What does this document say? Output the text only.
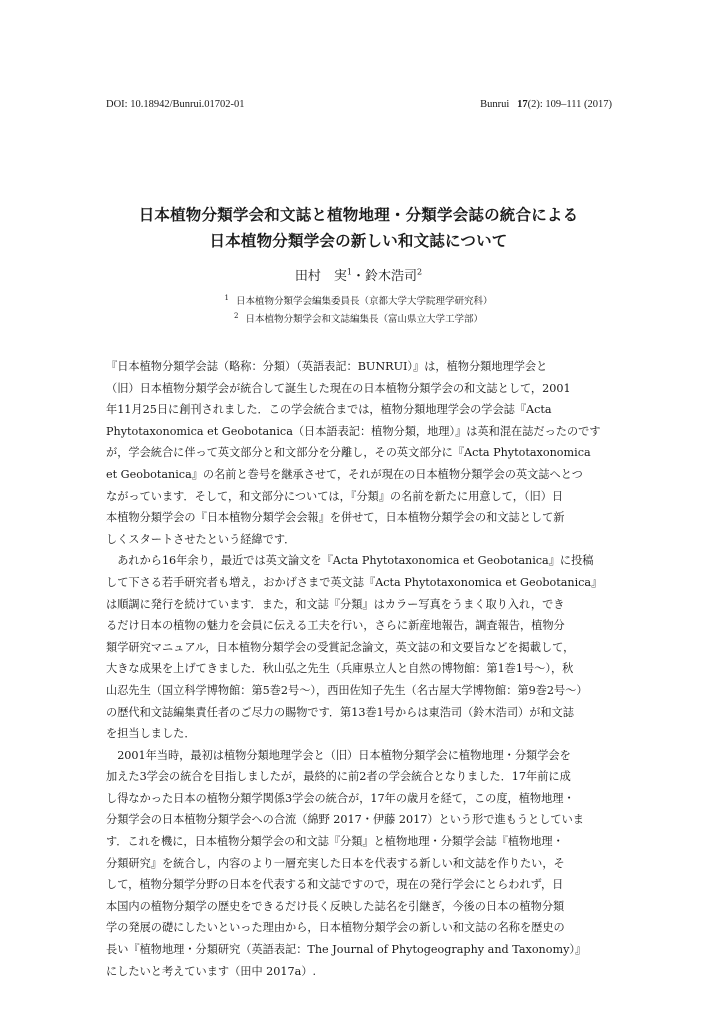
DOI: 10.18942/Bunrui.01702-01	Bunrui 17(2): 109–111 (2017)
日本植物分類学会和文誌と植物地理・分類学会誌の統合による
日本植物分類学会の新しい和文誌について
田村　実$^1$・鈴木浩司$^2$
$^1$ 日本植物分類学会編集委員長（京都大学大学院理学研究科）
$^2$ 日本植物分類学会和文誌編集長（富山県立大学工学部）
『日本植物分類学会誌（略称：分類）（英語表記：BUNRUI）』は，植物分類地理学会と
（旧）日本植物分類学会が統合して誕生した現在の日本植物分類学会の和文誌として，2001
年11月25日に創刊されました．この学会統合までは，植物分類地理学会の学会誌『Acta
Phytotaxonomica et Geobotanica（日本語表記：植物分類，地理）』は英和混在誌だったのです
が，学会統合に伴って英文部分と和文部分を分離し，その英文部分に『Acta Phytotaxonomica
et Geobotanica』の名前と巻号を継承させて，それが現在の日本植物分類学会の英文誌へとつ
ながっています．そして，和文部分については，『分類』の名前を新たに用意して，（旧）日
本植物分類学会の『日本植物分類学会会報』を併せて，日本植物分類学会の和文誌として新
しくスタートさせたという経緯です．
　あれから16年余り，最近では英文論文を『Acta Phytotaxonomica et Geobotanica』に投稿
して下さる若手研究者も増え，おかげさまで英文誌『Acta Phytotaxonomica et Geobotanica』
は順調に発行を続けています．また，和文誌『分類』はカラー写真をうまく取り入れ，でき
るだけ日本の植物の魅力を会員に伝える工夫を行い，さらに新産地報告，調査報告，植物分
類学研究マニュアル，日本植物分類学会の受賞記念論文，英文誌の和文要旨などを掲載して，
大きな成果を上げてきました．秋山弘之先生（兵庫県立人と自然の博物館：第1巻1号～），秋
山忍先生（国立科学博物館：第5巻2号～），西田佐知子先生（名古屋大学博物館：第9巻2号～）
の歴代和文誌編集責任者のご尽力の賜物です．第13巻1号からは東浩司（鈴木浩司）が和文誌
を担当しました．
　2001年当時，最初は植物分類地理学会と（旧）日本植物分類学会に植物地理・分類学会を
加えた3学会の統合を目指しましたが，最終的に前2者の学会統合となりました．17年前に成
し得なかった日本の植物分類学関係3学会の統合が，17年の歳月を経て，この度，植物地理・
分類学会の日本植物分類学会への合流（綿野 2017・伊藤 2017）という形で進もうとしていま
す．これを機に，日本植物分類学会の和文誌『分類』と植物地理・分類学会誌『植物地理・
分類研究』を統合し，内容のより一層充実した日本を代表する新しい和文誌を作りたい，そ
して，植物分類学分野の日本を代表する和文誌ですので，現在の発行学会にとらわれず，日
本国内の植物分類学の歴史をできるだけ長く反映した誌名を引継ぎ，今後の日本の植物分類
学の発展の礎にしたいといった理由から，日本植物分類学会の新しい和文誌の名称を歴史の
長い『植物地理・分類研究（英語表記：The Journal of Phytogeography and Taxonomy）』
にしたいと考えています（田中 2017a）.
